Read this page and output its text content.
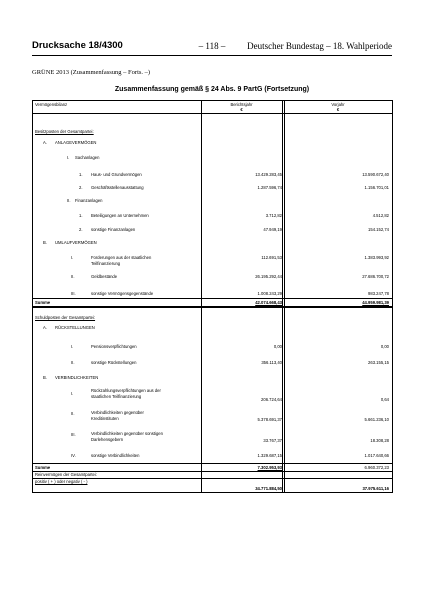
Drucksache 18/4300	– 118 –	Deutscher Bundestag – 18. Wahlperiode
GRÜNE 2013 (Zusammenfassung – Forts. –)
Zusammenfassung gemäß § 24 Abs. 9 PartG (Fortsetzung)
Vermögensbilanz	Berichtsjahr
€
Vorjahr
€
Besitzposten der Gesamtpartei:
A. ANLAGEVERMÖGEN
I. Sachanlagen
1. Haus- und Grundvermögen	13.429.283,45	13.590.672,40
2. Geschäftsstellenausstattung	1.287.596,74	1.156.701,01
II. Finanzanlagen
1. Beteiligungen an Unternehmen	3.712,82	4.512,82
2. sonstige Finanzanlagen	47.949,19	154.152,74
B. UMLAUFVERMÖGEN
I.	Forderungen aus der staatlichen
Teilfinanzierung
112.691,53	1.383.993,92
II.	Geldbestände	26.195.292,44	27.686.700,72
III.	sonstige Vermögensgegenstände	1.008.243,29	983.247,78
Summe	42.074.668,43	44.959.981,39
Schuldposten der Gesamtpartei:
A. RÜCKSTELLUNGEN
I.	Pensionsverpflichtungen	0,00	0,00
II.	sonstige Rückstellungen	356.113,40	263.155,15
B. VERBINDLICHKEITEN
I.
Rückzahlungsverpflichtungen aus der
staatlichen Teilfinanzierung
206.724,64	0,64
II.	Verbindlichkeiten gegenüber
Kreditinstituten	5.378.691,37	5.661.236,10
III.	Verbindlichkeiten gegenüber sonstigen
Darlehensgebern	33.767,37	18.308,28
IV.	sonstige Verbindlichkeiten	1.329.687,15	1.017.640,66
Summe	7.302.953,93	6.960.372,23
Reinvermögen der Gesamtpartei:
positiv ( + ) oder negativ ( - )
34.771.884,50	37.975.611,16
